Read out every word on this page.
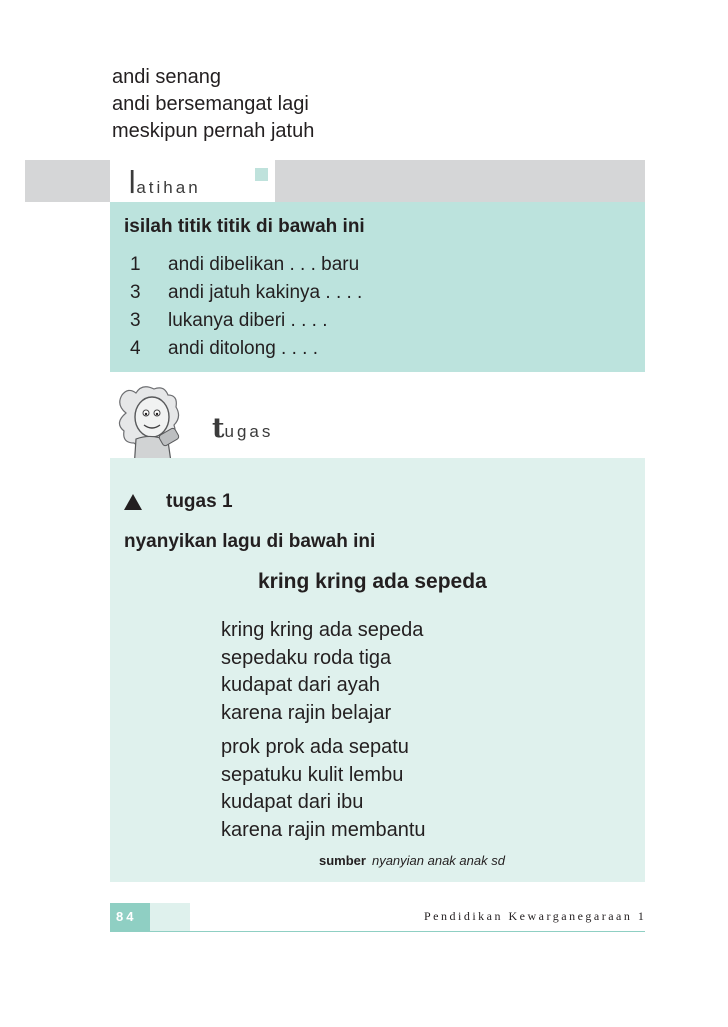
andi senang
andi bersemangat lagi
meskipun pernah jatuh
latihan
isilah titik titik di bawah ini
1	andi dibelikan . . . baru
3	andi jatuh kakinya . . . .
3	lukanya diberi . . . .
4	andi ditolong . . . .
tugas
tugas 1
nyanyikan lagu di bawah ini
kring kring ada sepeda
kring kring ada sepeda
sepedaku roda tiga
kudapat dari ayah
karena rajin belajar
prok prok ada sepatu
sepatuku kulit lembu
kudapat dari ibu
karena rajin membantu
sumber nyanyian anak anak sd
84	Pendidikan Kewarganegaraan 1
